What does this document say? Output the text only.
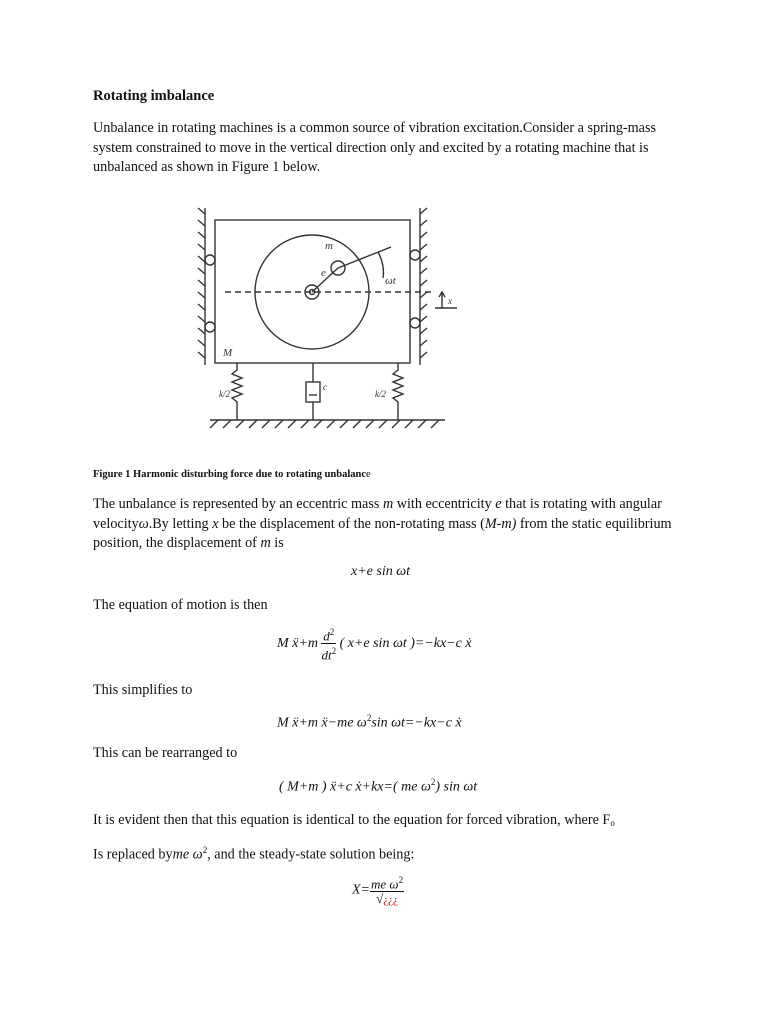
Rotating imbalance
Unbalance in rotating machines is a common source of vibration excitation.Consider a spring-mass system constrained to move in the vertical direction only and excited by a rotating machine that is unbalanced as shown in Figure 1 below.
m
e
ωt
M
x
k/2	k/2
c
Figure 1 Harmonic disturbing force due to rotating unbalance
The unbalance is represented by an eccentric mass m with eccentricity e that is rotating with angular velocityω.By letting x be the displacement of the non-rotating mass (M-m) from the static equilibrium position, the displacement of m is
x+e sin ωt
The equation of motion is then
M ẍ+m $\frac{d^2}{dt^2}$ ( x+e sin ωt )=−kx−c ẋ
This simplifies to
M ẍ+m ẍ−me $\omega^2\sin$ ωt=−kx−c ẋ
This can be rearranged to
( M+m ) ẍ+c ẋ+kx=( me $\omega^2$) sin ωt
It is evident then that this equation is identical to the equation for forced vibration, where $F_o$
Is replaced byme $\omega^2$, and the steady-state solution being:
$X= \frac{me \omega^2}{√¿¿¿}$
